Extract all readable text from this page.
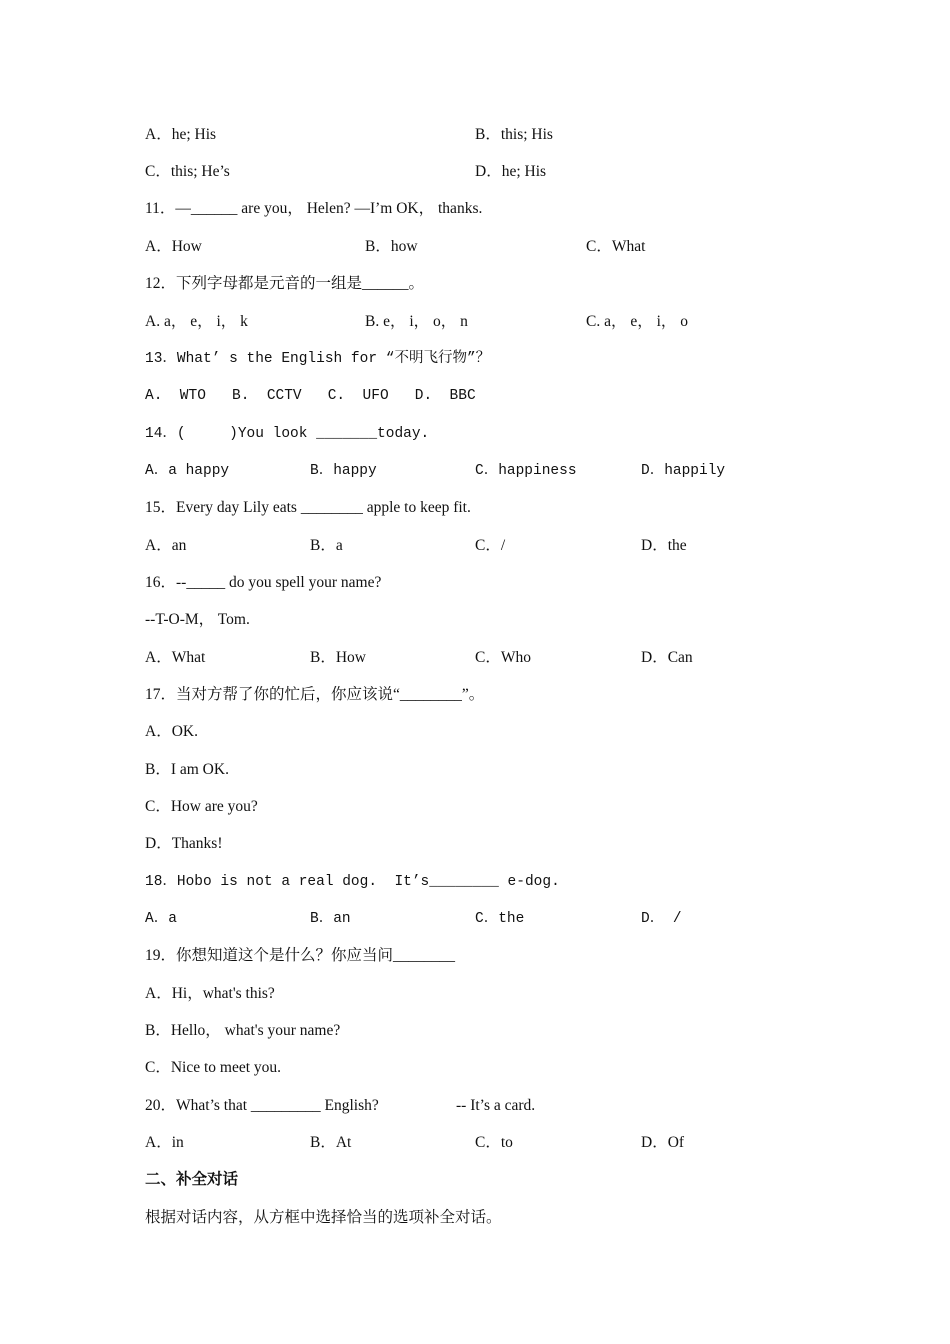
A．he; His	B．this; His
C．this; He’s	D．he; His
11．—______ are you， Helen? —I’m OK， thanks.
A．How	B．how	C．What
12．下列字母都是元音的一组是______。
A. a， e， i， k	B. e， i， o， n	C. a， e， i， o
13．What’ s the English for “不明飞行物”？
A.  WTO   B.  CCTV   C.  UFO   D.  BBC
14．(     )You look _______today.
A．a happy	B．happy	C．happiness	D．happily
15．Every day Lily eats ________ apple to keep fit.
A．an	B．a	C．/	D．the
16．--_____ do you spell your name?
--T-O-M， Tom.
A．What	B．How	C．Who	D．Can
17．当对方帮了你的忙后，你应该说“________”。
A．OK.
B．I am OK.
C．How are you?
D．Thanks!
18．Hobo is not a real dog.  It’s________ e-dog.
A．a	B．an	C．the	D． /
19．你想知道这个是什么？你应当问________
A．Hi，what's this?
B．Hello， what's your name?
C．Nice to meet you.
20．What’s that _________ English?	-- It’s a card.
A．in	B．At	C．to	D．Of
二、补全对话
根据对话内容，从方框中选择恰当的选项补全对话。
